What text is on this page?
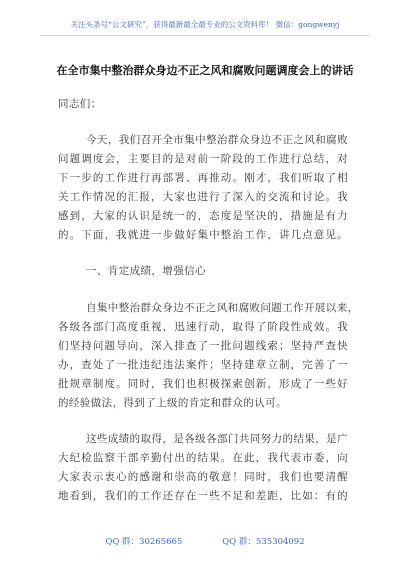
关注头条号“公文研究”，获得最新最全最专业的公文资料库！ 微信：gongwenyj
在全市集中整治群众身边不正之风和腐败问题调度会上的讲话
同志们：
今天，我们召开全市集中整治群众身边不正之风和腐败
问题调度会，主要目的是对前一阶段的工作进行总结，对
下一步的工作进行再部署、再推动。刚才，我们听取了相
关工作情况的汇报，大家也进行了深入的交流和讨论。我
感到，大家的认识是统一的，态度是坚决的，措施是有力
的。下面，我就进一步做好集中整治工作，讲几点意见。
一、肯定成绩，增强信心
自集中整治群众身边不正之风和腐败问题工作开展以来，
各级各部门高度重视，迅速行动，取得了阶段性成效。我
们坚持问题导向，深入排查了一批问题线索；坚持严查快
办，查处了一批违纪违法案件；坚持建章立制，完善了一
批规章制度。同时，我们也积极探索创新，形成了一些好
的经验做法，得到了上级的肯定和群众的认可。
这些成绩的取得，是各级各部门共同努力的结果，是广
大纪检监察干部辛勤付出的结果。在此，我代表市委，向
大家表示衷心的感谢和崇高的敬意！同时，我们也要清醒
地看到，我们的工作还存在一些不足和差距，比如：有的
QQ 群：30265665	QQ 群：535304092
